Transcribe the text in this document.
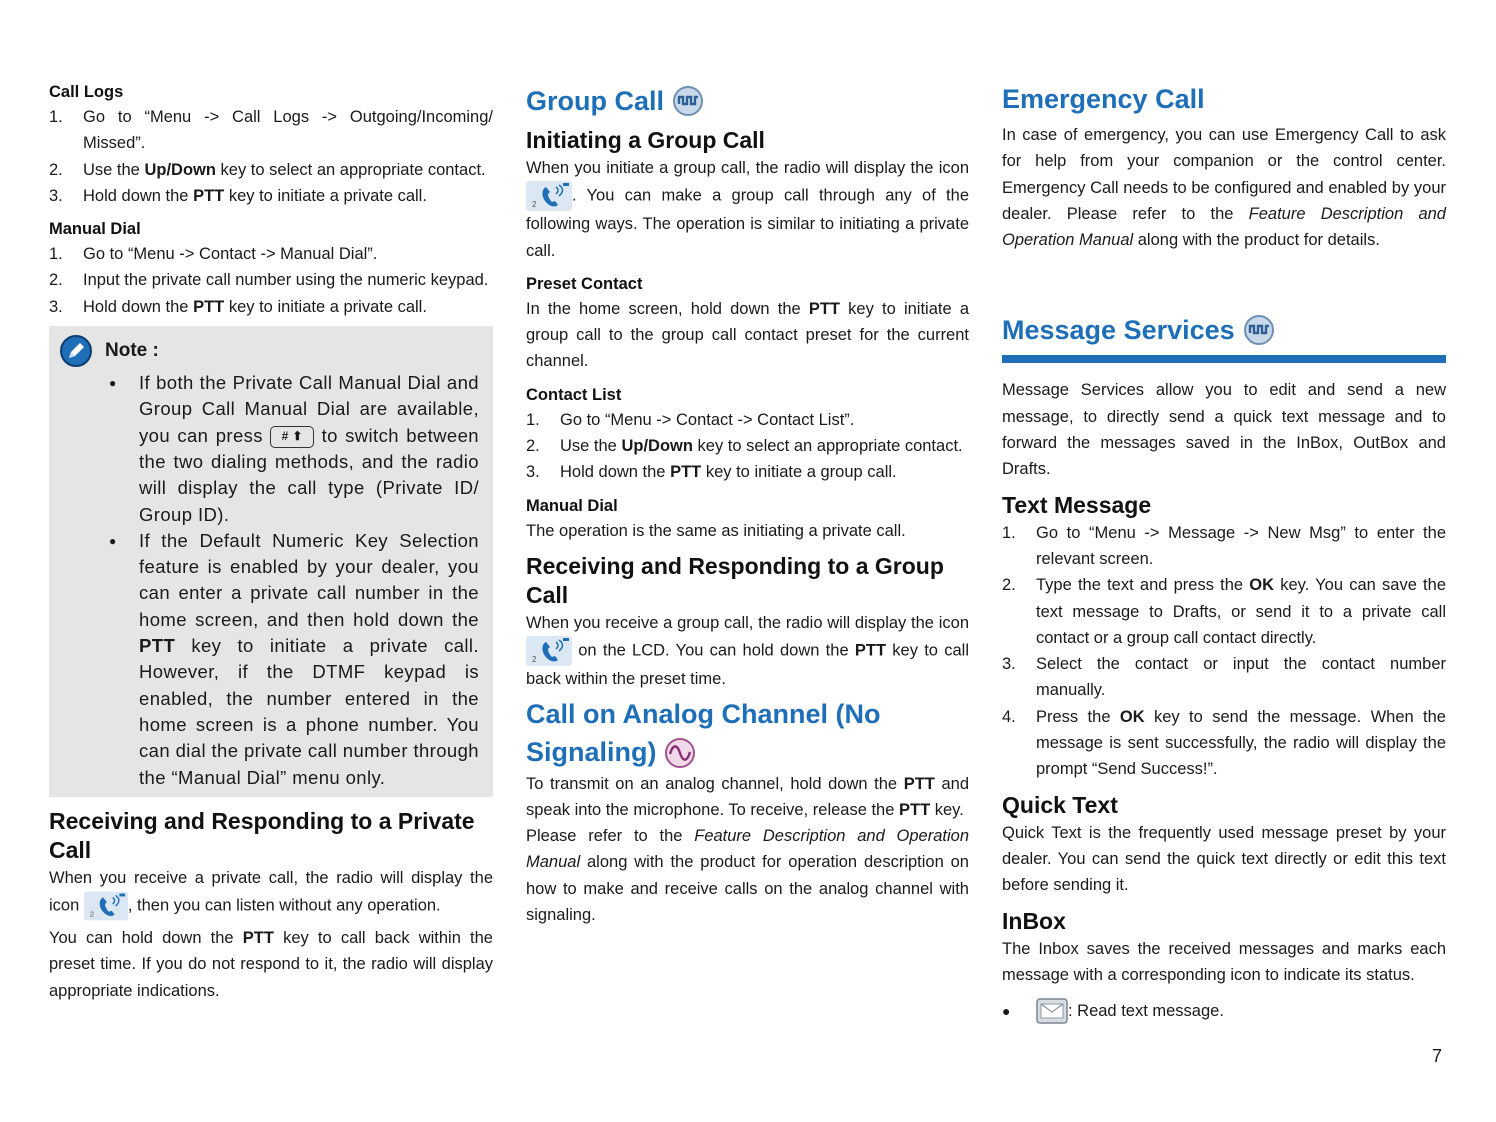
Call Logs
1. Go to “Menu -> Call Logs -> Outgoing/Incoming/ Missed”.
2. Use the Up/Down key to select an appropriate contact.
3. Hold down the PTT key to initiate a private call.
Manual Dial
1. Go to “Menu -> Contact -> Manual Dial”.
2. Input the private call number using the numeric keypad.
3. Hold down the PTT key to initiate a private call.
Note :
● If both the Private Call Manual Dial and Group Call Manual Dial are available, you can press # ⬆ to switch between the two dialing methods, and the radio will display the call type (Private ID/ Group ID).
● If the Default Numeric Key Selection feature is enabled by your dealer, you can enter a private call number in the home screen, and then hold down the PTT key to initiate a private call. However, if the DTMF keypad is enabled, the number entered in the home screen is a phone number. You can dial the private call number through the “Manual Dial” menu only.
Receiving and Responding to a Private Call

When you receive a private call, the radio will display the icon	, then you can listen without any operation.

You can hold down the PTT key to call back within the preset time. If you do not respond to it, the radio will display appropriate indications.

Group Call
Initiating a Group Call

When you initiate a group call, the radio will display the icon . You can make a group call through any of the following ways. The operation is similar to initiating a private call.

Preset Contact

In the home screen, hold down the PTT key to initiate a group call to the group call contact preset for the current channel.

Contact List
1. Go to “Menu -> Contact -> Contact List”.
2. Use the Up/Down key to select an appropriate contact.
3. Hold down the PTT key to initiate a group call.
Manual Dial

The operation is the same as initiating a private call.

Receiving and Responding to a Group Call

When you receive a group call, the radio will display the icon  on the LCD. You can hold down the PTT key to call back within the preset time.

Call on Analog Channel (No
Signaling)

To transmit on an analog channel, hold down the PTT and speak into the microphone. To receive, release the PTT key.

Please refer to the Feature Description and Operation Manual along with the product for operation description on how to make and receive calls on the analog channel with signaling.

Emergency Call

In case of emergency, you can use Emergency Call to ask for help from your companion or the control center. Emergency Call needs to be configured and enabled by your dealer. Please refer to the Feature Description and Operation Manual along with the product for details.

Message Services

Message Services allow you to edit and send a new message, to directly send a quick text message and to forward the messages saved in the InBox, OutBox and Drafts.

Text Message
1. Go to “Menu -> Message -> New Msg” to enter the relevant screen.
2. Type the text and press the OK key. You can save the text message to Drafts, or send it to a private call contact or a group call contact directly.
3. Select the contact or input the contact number manually.
4. Press the OK key to send the message. When the message is sent successfully, the radio will display the prompt “Send Success!”.
Quick Text

Quick Text is the frequently used message preset by your dealer. You can send the quick text directly or edit this text before sending it.

InBox

The Inbox saves the received messages and marks each message with a corresponding icon to indicate its status.

●	: Read text message.
7
